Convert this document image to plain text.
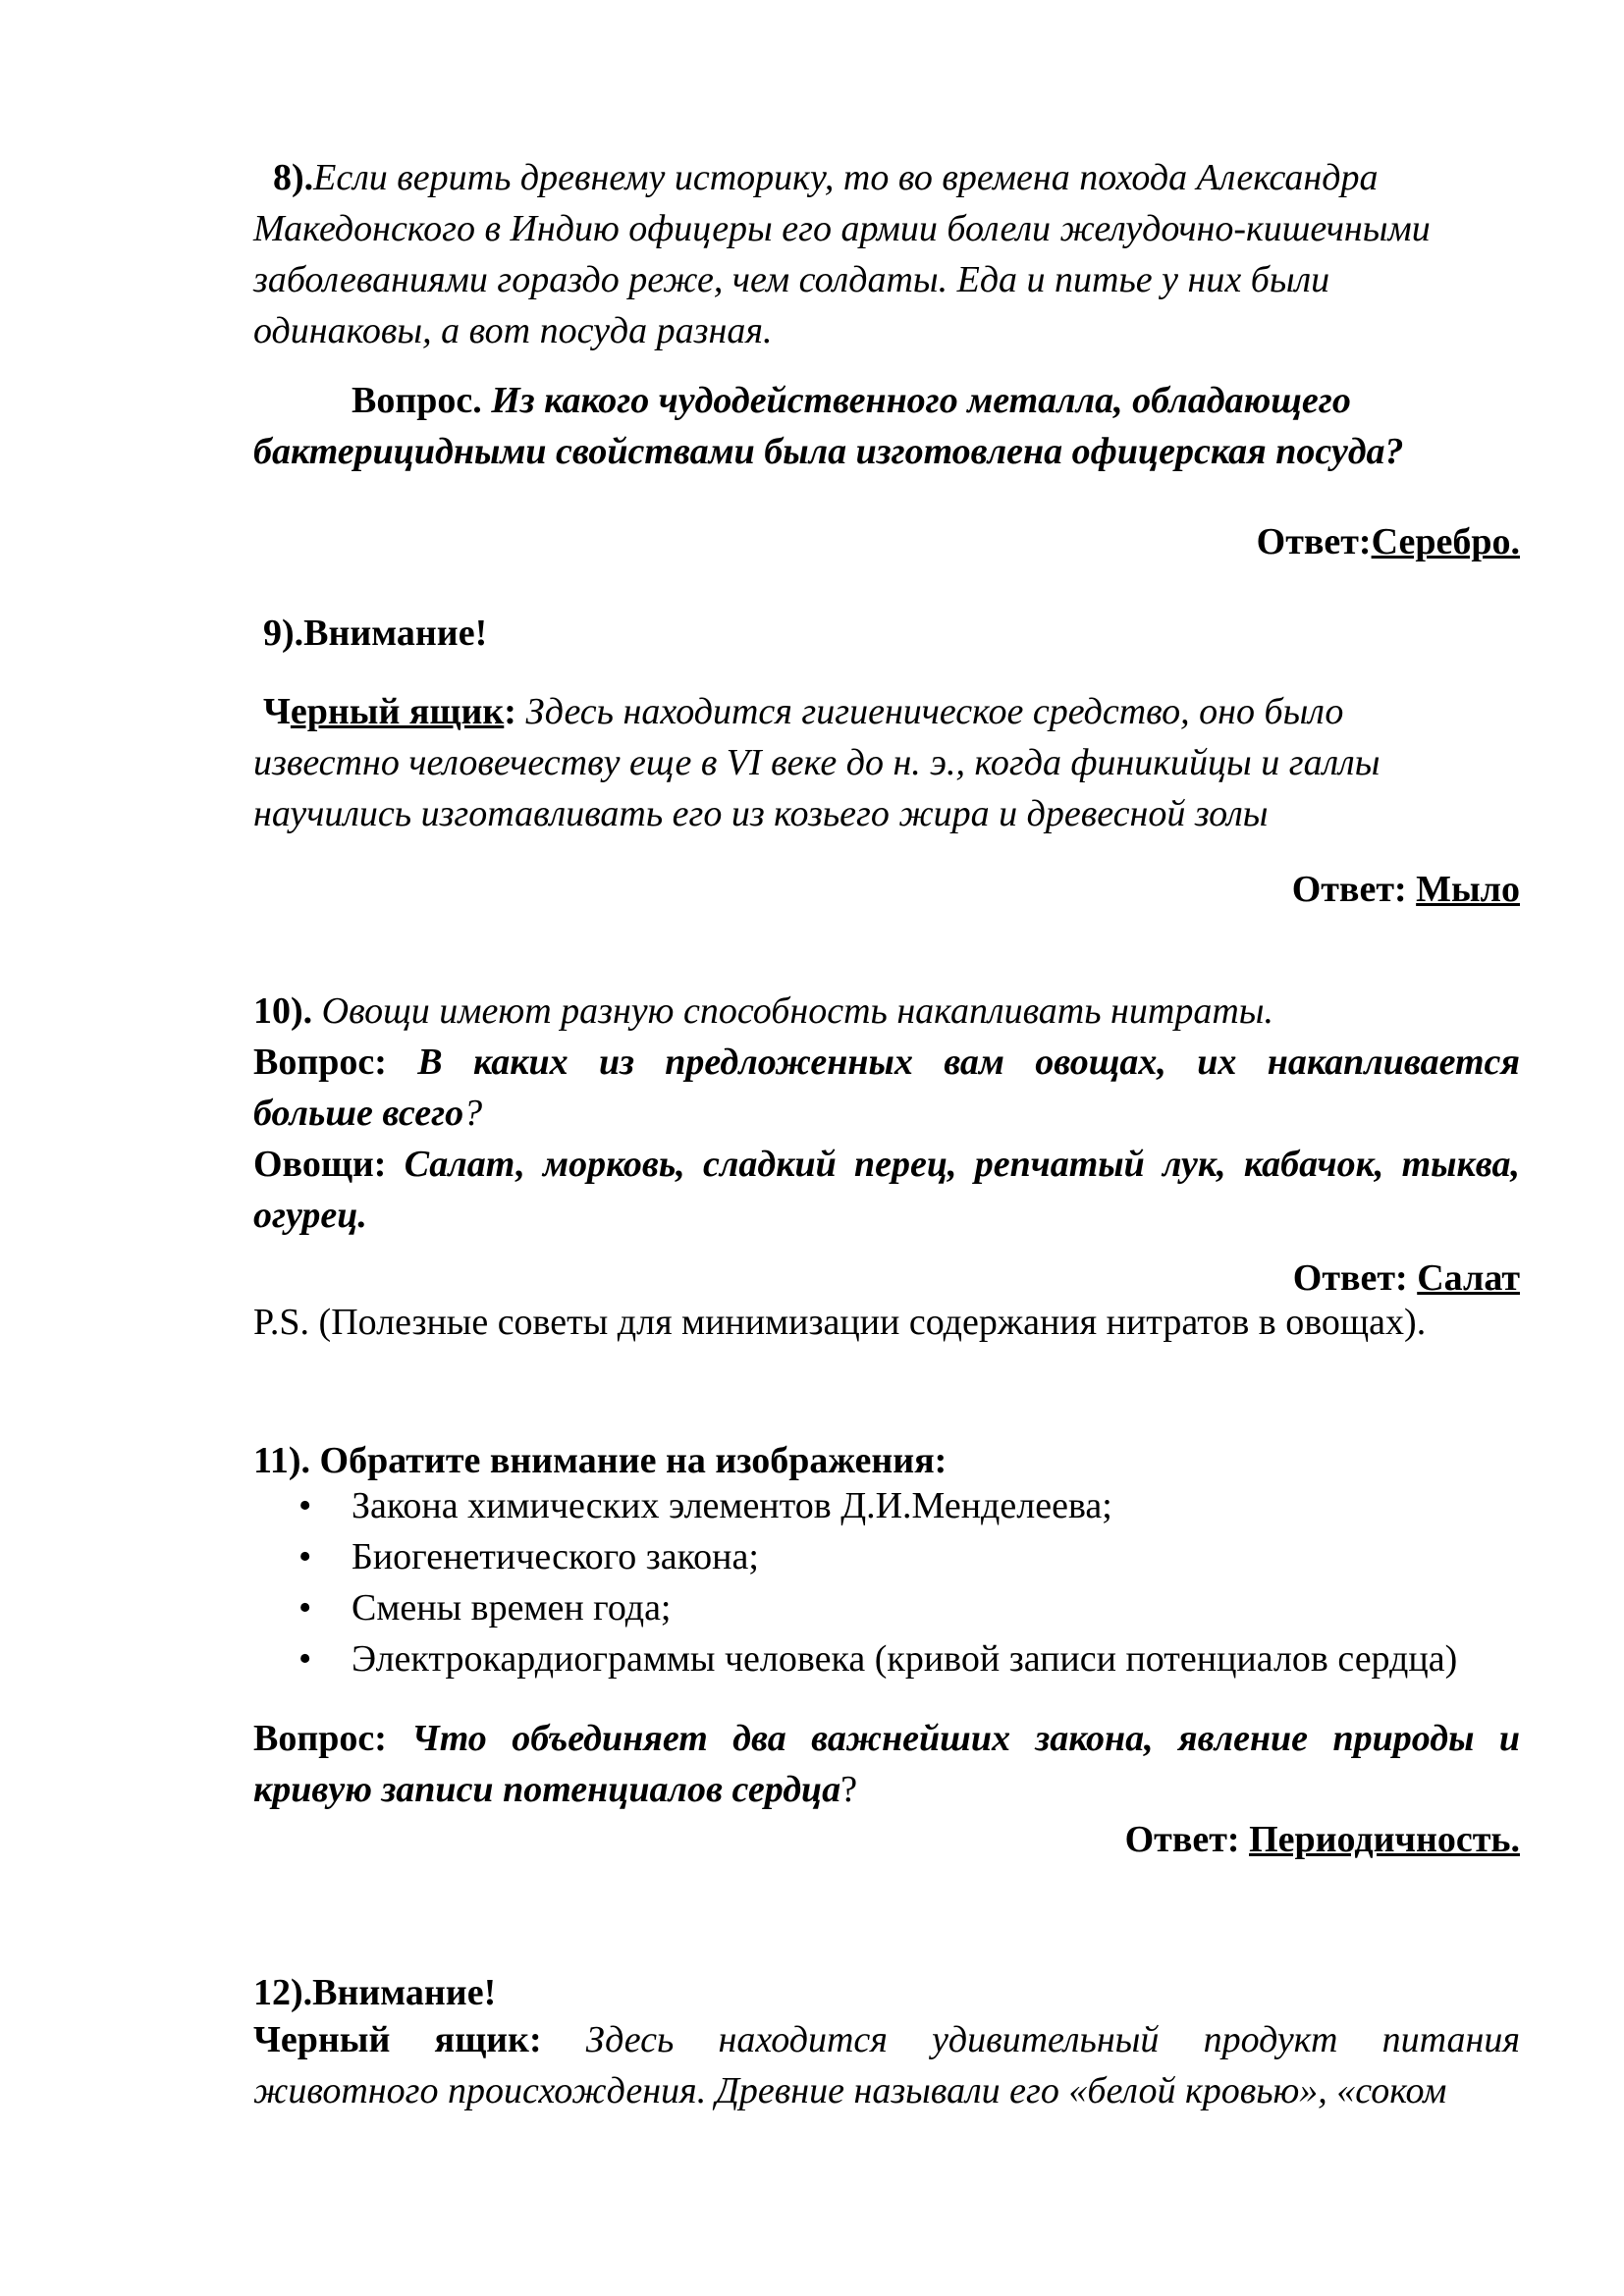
8).Если верить древнему историку, то во времена похода Александра
Македонского в Индию офицеры его армии болели желудочно-кишечными
заболеваниями гораздо реже, чем солдаты. Еда и питье у них были
одинаковы, а вот посуда разная.
Вопрос. Из какого чудодейственного металла, обладающего
бактерицидными свойствами была изготовлена офицерская посуда?
Ответ:Серебро.
9).Внимание!
Черный ящик: Здесь находится гигиеническое средство, оно было
известно человечеству еще в VI веке до н. э., когда финикийцы и галлы
научились изготавливать его из козьего жира и древесной золы
Ответ: Мыло
10). Овощи имеют разную способность накапливать нитраты.
Вопрос: В каких из предложенных вам овощах, их накапливается
больше всего?
Овощи: Салат, морковь, сладкий перец, репчатый лук, кабачок, тыква,
огурец.
Ответ: Салат
P.S. (Полезные советы для минимизации содержания нитратов в овощах).
11). Обратите внимание на изображения:
• Закона химических элементов Д.И.Менделеева;
• Биогенетического закона;
• Смены времен года;
• Электрокардиограммы человека (кривой записи потенциалов сердца)
Вопрос: Что объединяет два важнейших закона, явление природы и
кривую записи потенциалов сердца?
Ответ: Периодичность.
12).Внимание!
Черный ящик: Здесь находится удивительный продукт питания
животного происхождения. Древние называли его «белой кровью», «соком
